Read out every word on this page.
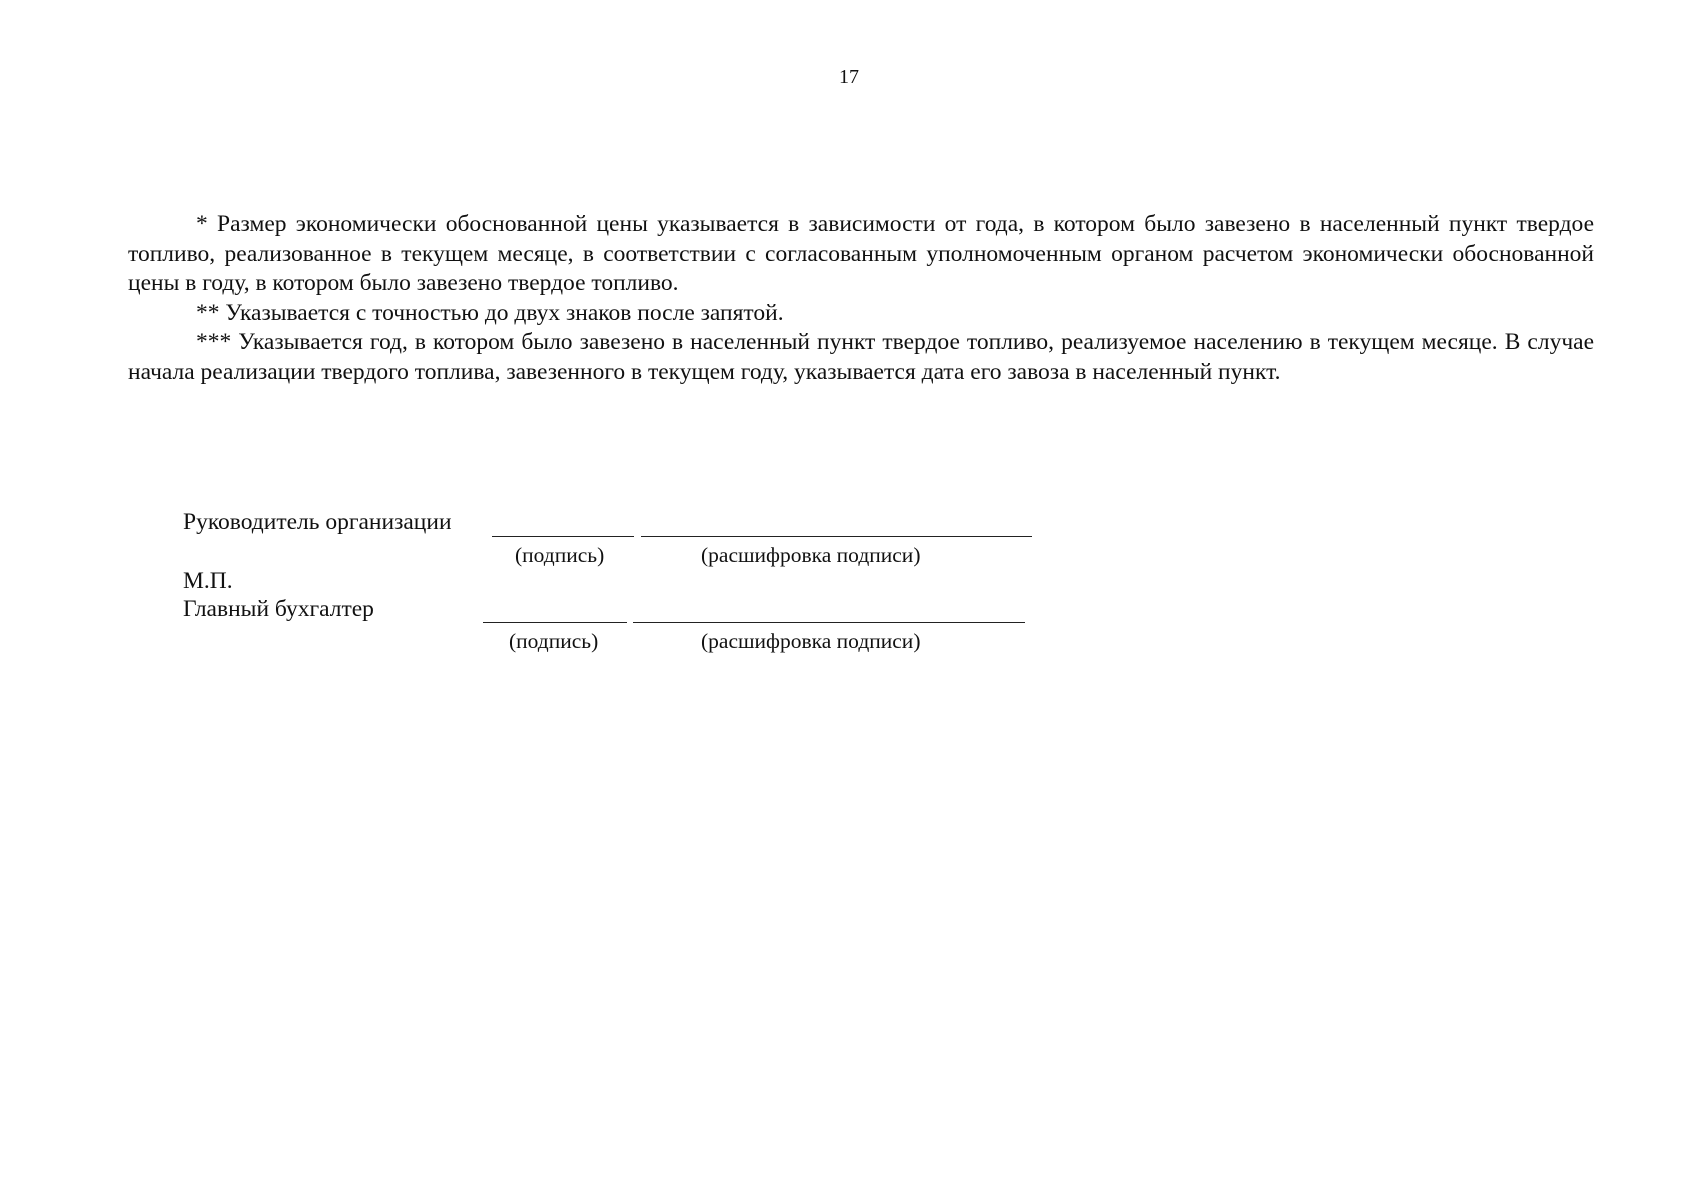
17

* Размер экономически обоснованной цены указывается в зависимости от года, в котором было завезено в населенный пункт твердое топливо, реализованное в текущем месяце, в соответствии с согласованным уполномоченным органом расчетом экономически обоснованной цены в году, в котором было завезено твердое топливо.

** Указывается с точностью до двух знаков после запятой.

*** Указывается год, в котором было завезено в населенный пункт твердое топливо, реализуемое населению в текущем месяце. В случае начала реализации твердого топлива, завезенного в текущем году, указывается дата его завоза в населенный пункт.

Руководитель организации
(подпись)	(расшифровка подписи)
М.П.
Главный бухгалтер
(подпись)	(расшифровка подписи)
